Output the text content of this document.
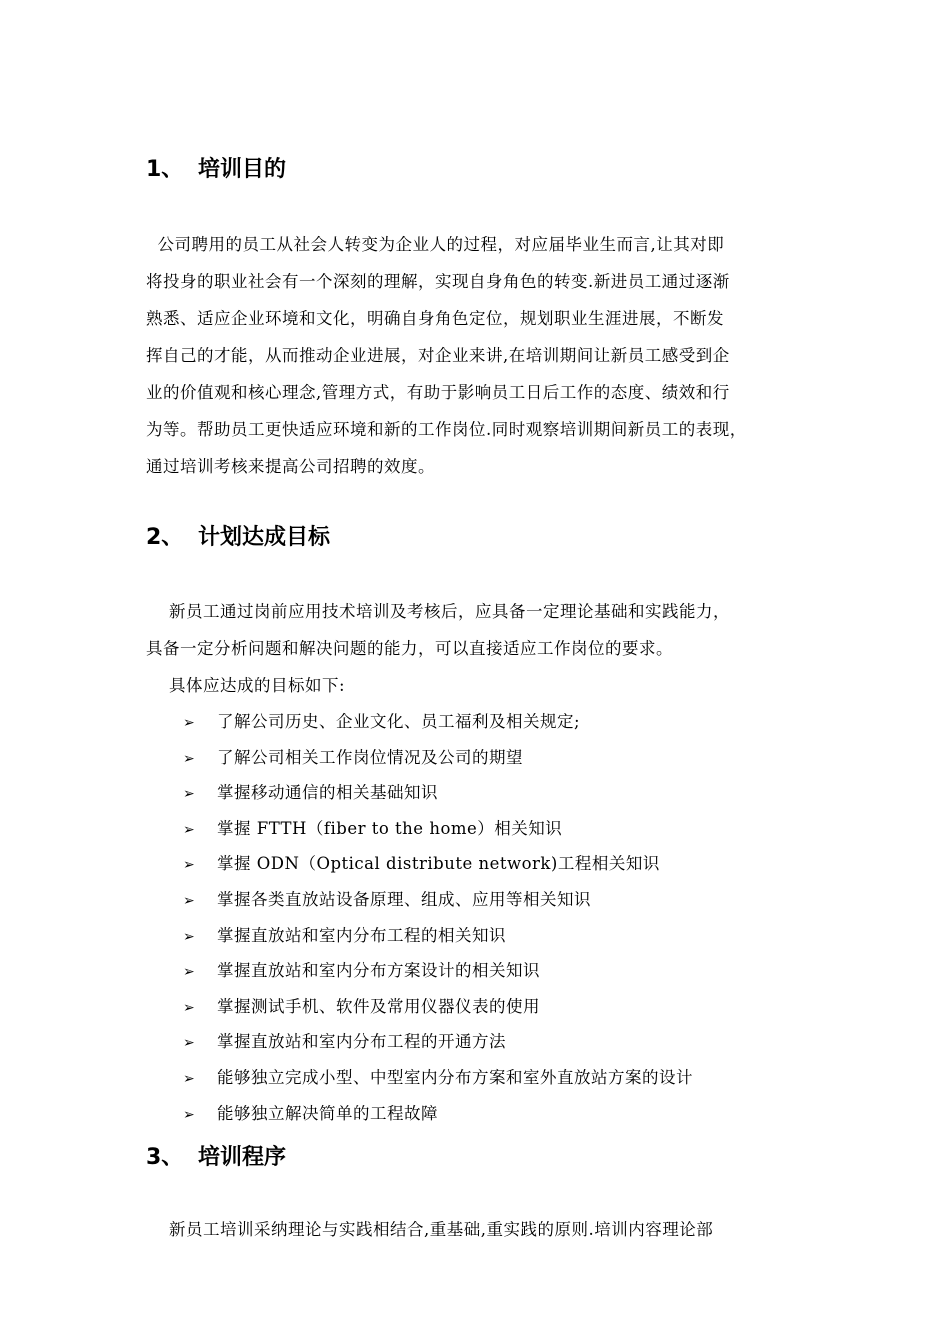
1、 培训目的
公司聘用的员工从社会人转变为企业人的过程，对应届毕业生而言,让其对即
将投身的职业社会有一个深刻的理解，实现自身角色的转变.新进员工通过逐渐
熟悉、适应企业环境和文化，明确自身角色定位，规划职业生涯进展，不断发
挥自己的才能，从而推动企业进展，对企业来讲,在培训期间让新员工感受到企
业的价值观和核心理念,管理方式，有助于影响员工日后工作的态度、绩效和行
为等。帮助员工更快适应环境和新的工作岗位.同时观察培训期间新员工的表现，
通过培训考核来提高公司招聘的效度。
2、 计划达成目标
新员工通过岗前应用技术培训及考核后，应具备一定理论基础和实践能力，
具备一定分析问题和解决问题的能力，可以直接适应工作岗位的要求。
具体应达成的目标如下:
➢ 了解公司历史、企业文化、员工福利及相关规定;
➢ 了解公司相关工作岗位情况及公司的期望
➢ 掌握移动通信的相关基础知识
➢ 掌握 FTTH（fiber to the home）相关知识
➢ 掌握 ODN（Optical distribute network)工程相关知识
➢ 掌握各类直放站设备原理、组成、应用等相关知识
➢ 掌握直放站和室内分布工程的相关知识
➢ 掌握直放站和室内分布方案设计的相关知识
➢ 掌握测试手机、软件及常用仪器仪表的使用
➢ 掌握直放站和室内分布工程的开通方法
➢ 能够独立完成小型、中型室内分布方案和室外直放站方案的设计
➢ 能够独立解决简单的工程故障
3、 培训程序
新员工培训采纳理论与实践相结合,重基础,重实践的原则.培训内容理论部
